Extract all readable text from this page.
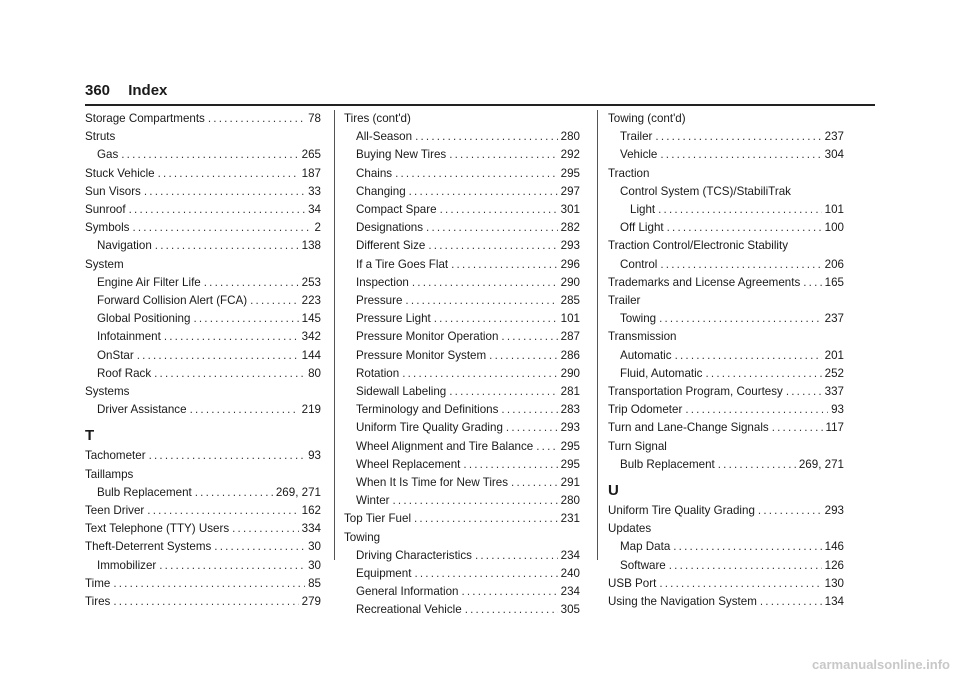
360 Index
Storage Compartments .....	78
Struts
Gas .....	265
Stuck Vehicle .....	187
Sun Visors .....	33
Sunroof .....	34
Symbols .....	2
Navigation .....	138
System
Engine Air Filter Life .....	253
Forward Collision Alert (FCA) .....	223
Global Positioning .....	145
Infotainment .....	342
OnStar .....	144
Roof Rack .....	80
Systems
Driver Assistance .....	219
T
Tachometer .....	93
Taillamps
Bulb Replacement .....	269, 271
Teen Driver .....	162
Text Telephone (TTY) Users .....	334
Theft-Deterrent Systems .....	30
Immobilizer .....	30
Time .....	85
Tires .....	279
Tires (cont'd)
All-Season .....	280
Buying New Tires .....	292
Chains .....	295
Changing .....	297
Compact Spare .....	301
Designations .....	282
Different Size .....	293
If a Tire Goes Flat .....	296
Inspection .....	290
Pressure .....	285
Pressure Light .....	101
Pressure Monitor Operation .....	287
Pressure Monitor System .....	286
Rotation .....	290
Sidewall Labeling .....	281
Terminology and Definitions .....	283
Uniform Tire Quality Grading .....	293
Wheel Alignment and Tire Balance ..... 295
Wheel Replacement .....	295
When It Is Time for New Tires .....	291
Winter .....	280
Top Tier Fuel .....	231
Towing
Driving Characteristics .....	234
Equipment .....	240
General Information .....	234
Recreational Vehicle .....	305
Towing (cont'd)
Trailer .....	237
Vehicle .....	304
Traction
Control System (TCS)/StabiliTrak
Light .....	101
Off Light .....	100
Traction Control/Electronic Stability
Control .....	206
Trademarks and License Agreements ..... 165
Trailer
Towing .....	237
Transmission
Automatic .....	201
Fluid, Automatic .....	252
Transportation Program, Courtesy .....	337
Trip Odometer .....	93
Turn and Lane-Change Signals .....	117
Turn Signal
Bulb Replacement .....	269, 271
U
Uniform Tire Quality Grading .....	293
Updates
Map Data .....	146
Software .....	126
USB Port .....	130
Using the Navigation System .....	134
carmanualsonline.info
